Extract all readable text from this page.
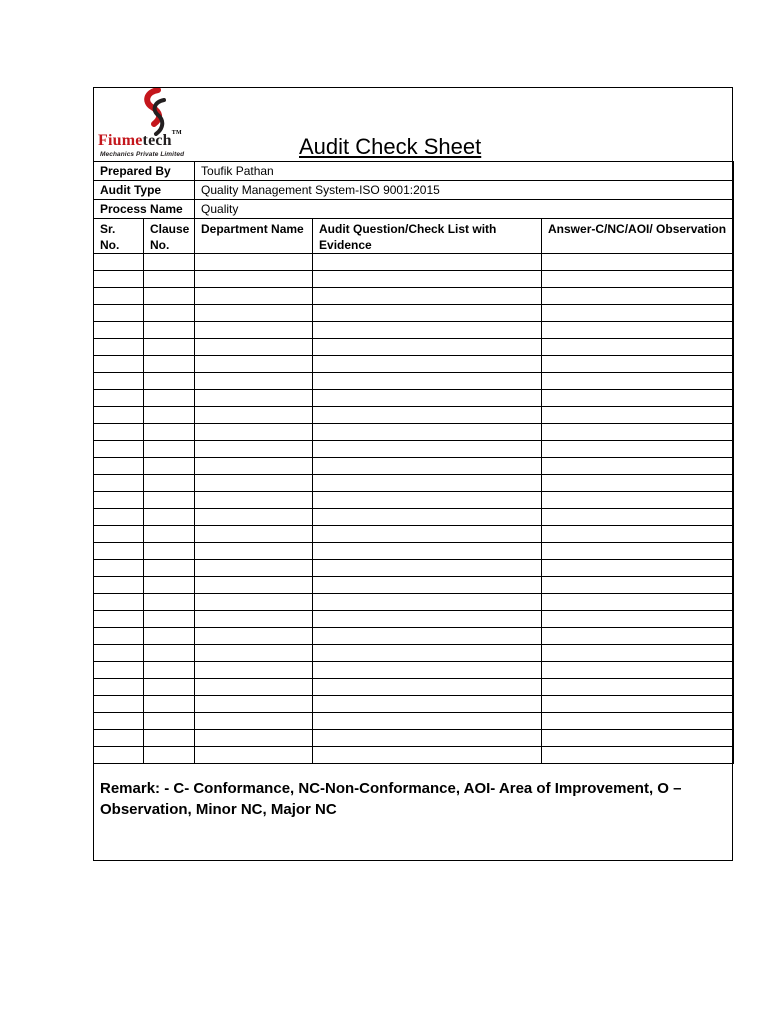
Fiumetech™
Mechanics Private Limited	Audit Check Sheet
Prepared By		Toufik Pathan		
Audit Type		Quality Management System-ISO 9001:2015		
Process Name		Quality		
Sr. No.	Clause No.	Department Name	Audit Question/Check List with Evidence	Answer-C/NC/AOI/ Observation

Remark: - C- Conformance, NC-Non-Conformance, AOI- Area of Improvement, O – Observation, Minor NC, Major NC
